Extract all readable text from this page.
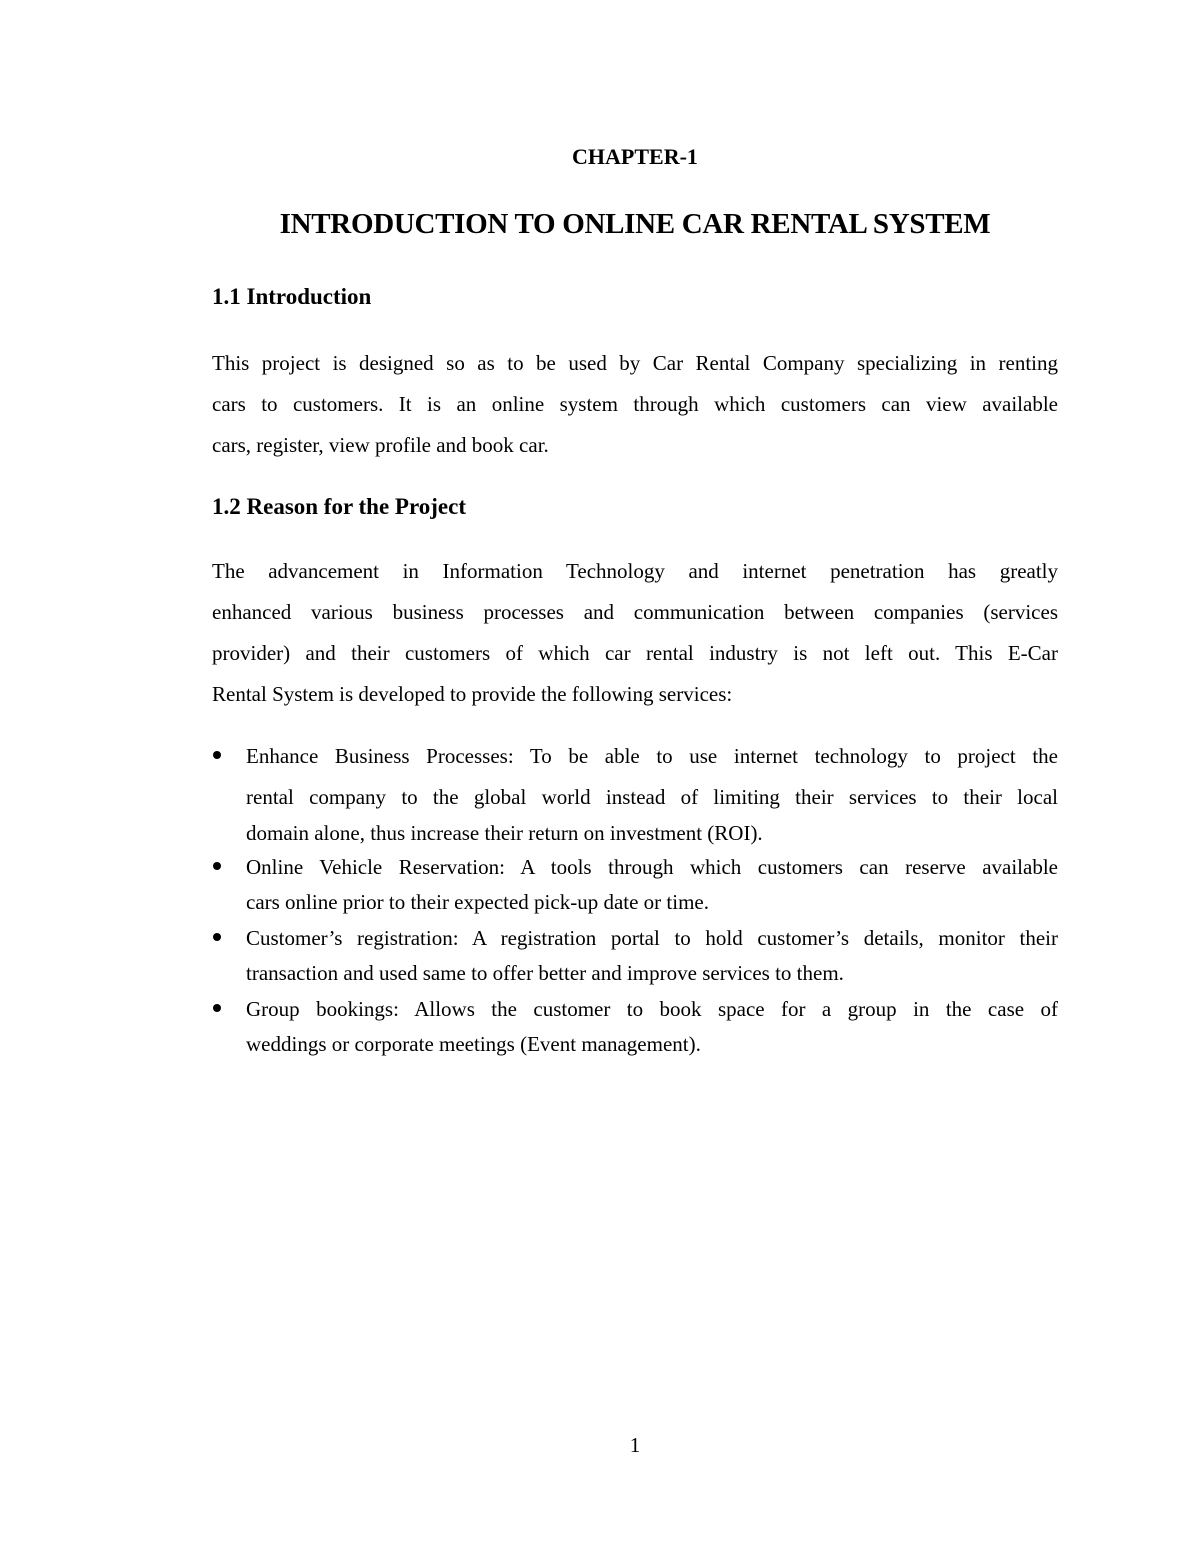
CHAPTER-1
INTRODUCTION TO ONLINE CAR RENTAL SYSTEM
1.1 Introduction
This project is designed so as to be used by Car Rental Company specializing in renting
cars to customers. It is an online system through which customers can view available
cars, register, view profile and book car.
1.2 Reason for the Project
The advancement in Information Technology and internet penetration has greatly
enhanced various business processes and communication between companies (services
provider) and their customers of which car rental industry is not left out. This E-Car
Rental System is developed to provide the following services:
Enhance Business Processes: To be able to use internet technology to project the
rental company to the global world instead of limiting their services to their local
domain alone, thus increase their return on investment (ROI).
Online Vehicle Reservation: A tools through which customers can reserve available
cars online prior to their expected pick-up date or time.
Customer’s registration: A registration portal to hold customer’s details, monitor their
transaction and used same to offer better and improve services to them.
Group bookings: Allows the customer to book space for a group in the case of
weddings or corporate meetings (Event management).
1
